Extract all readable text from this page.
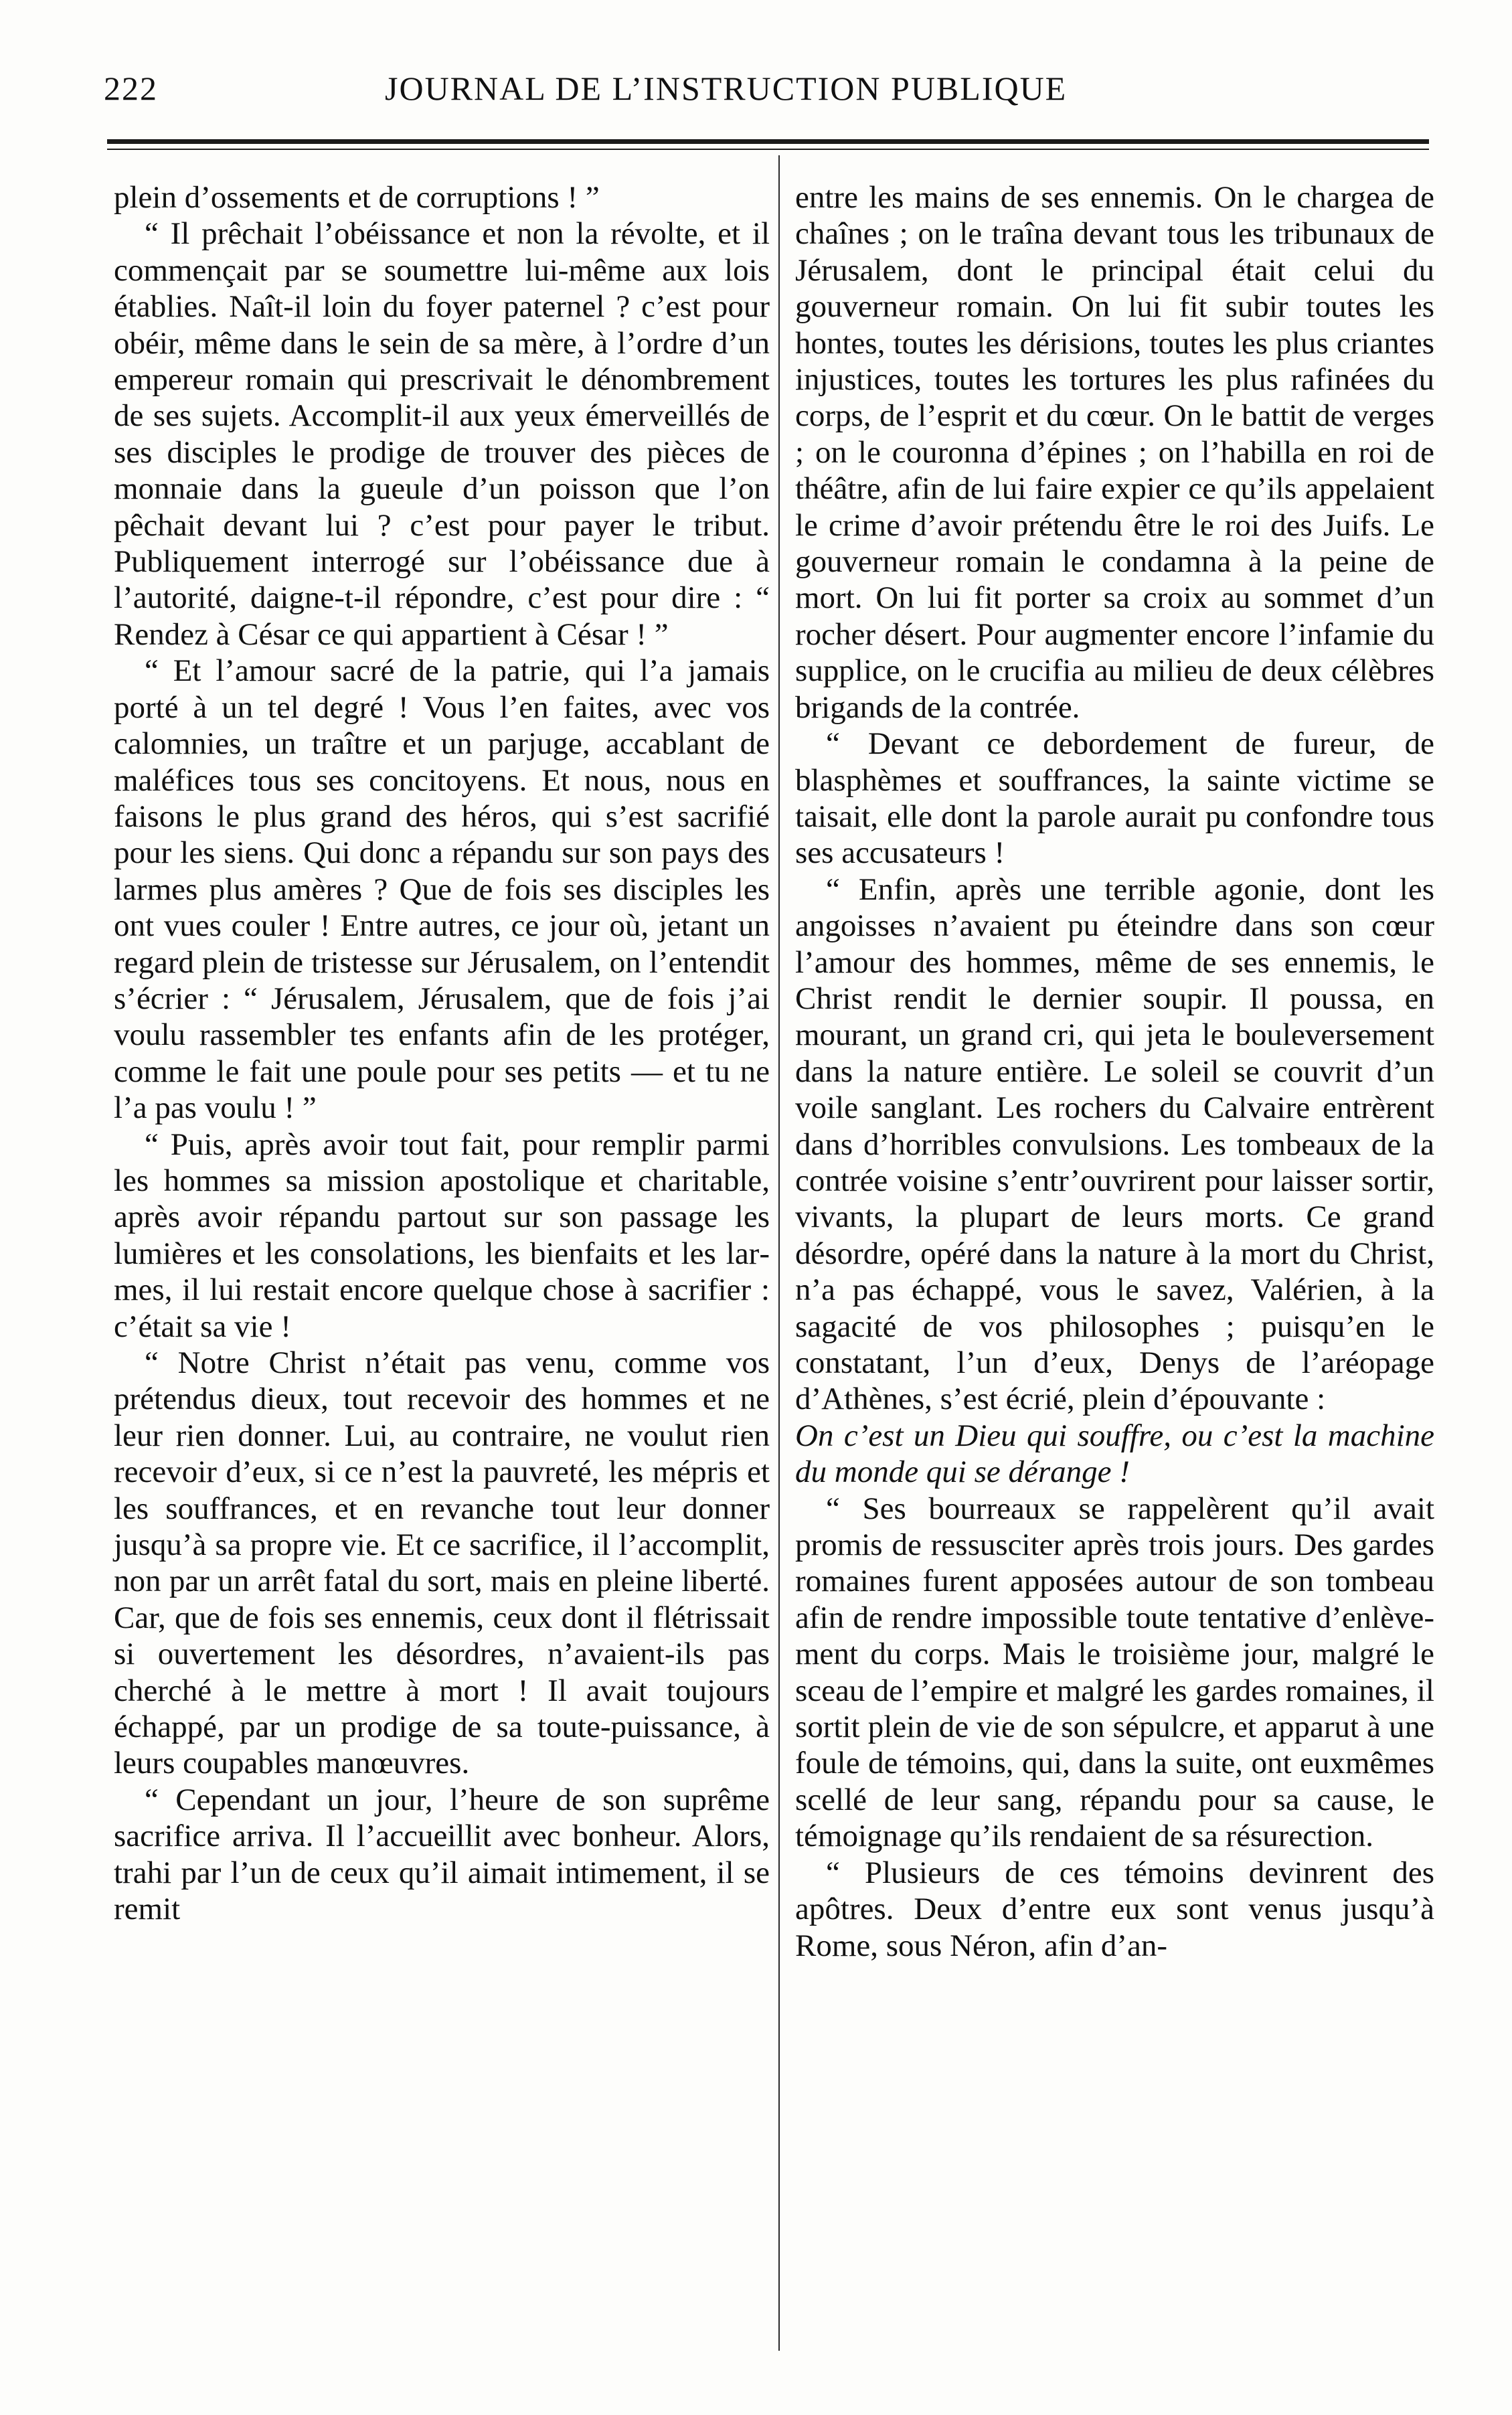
222	JOURNAL DE L’INSTRUCTION PUBLIQUE

plein d’ossements et de corruptions ! ”

“ Il prêchait l’obéissance et non la révolte, et il commençait par se soumettre lui-même aux lois établies. Naît-il loin du foyer paternel ? c’est pour obéir, même dans le sein de sa mère, à l’ordre d’un empereur romain qui prescrivait le dénombrement de ses sujets. Accomplit-il aux yeux émerveillés de ses disciples le prodige de trouver des pièces de monnaie dans la gueule d’un poisson que l’on pêchait devant lui ? c’est pour payer le tribut. Publiquement interrogé sur l’obéissance due à l’autorité, daigne-t-il répondre, c’est pour dire : “ Rendez à César ce qui appartient à César ! ”

“ Et l’amour sacré de la patrie, qui l’a jamais porté à un tel degré ! Vous l’en faites, avec vos calomnies, un traître et un parjuge, accablant de maléfices tous ses concitoyens. Et nous, nous en faisons le plus grand des héros, qui s’est sacrifié pour les siens. Qui donc a répandu sur son pays des larmes plus amères ? Que de fois ses disciples les ont vues couler ! Entre autres, ce jour où, jetant un regard plein de tristesse sur Jérusalem, on l’entendit s’écrier : “ Jérusalem, Jérusalem, que de fois j’ai voulu rassembler tes enfants afin de les protéger, comme le fait une poule pour ses petits — et tu ne l’a pas voulu ! ”

“ Puis, après avoir tout fait, pour remplir parmi les hommes sa mission apostolique et charitable, après avoir répandu partout sur son passage les lumières et les consolations, les bienfaits et les larmes, il lui restait encore quelque chose à sacrifier : c’était sa vie !

“ Notre Christ n’était pas venu, comme vos prétendus dieux, tout recevoir des hommes et ne leur rien donner. Lui, au contraire, ne voulut rien recevoir d’eux, si ce n’est la pauvreté, les mépris et les souffrances, et en revanche tout leur donner jusqu’à sa propre vie. Et ce sacrifice, il l’accomplit, non par un arrêt fatal du sort, mais en pleine liberté. Car, que de fois ses ennemis, ceux dont il flétrissait si ouvertement les désordres, n’avaient-ils pas cherché à le mettre à mort ! Il avait toujours échappé, par un prodige de sa toute-puissance, à leurs coupables manœuvres.

“ Cependant un jour, l’heure de son suprême sacrifice arriva. Il l’accueillit avec bonheur. Alors, trahi par l’un de ceux qu’il aimait intimement, il se remit

entre les mains de ses ennemis. On le chargea de chaînes ; on le traîna devant tous les tribunaux de Jérusalem, dont le principal était celui du gouverneur romain. On lui fit subir toutes les hontes, toutes les dérisions, toutes les plus criantes injustices, toutes les tortures les plus rafinées du corps, de l’esprit et du cœur. On le battit de verges ; on le couronna d’épines ; on l’habilla en roi de théâtre, afin de lui faire expier ce qu’ils appelaient le crime d’avoir prétendu être le roi des Juifs. Le gouverneur romain le condamna à la peine de mort. On lui fit porter sa croix au sommet d’un rocher désert. Pour augmenter encore l’infamie du supplice, on le crucifia au milieu de deux célèbres brigands de la contrée.

“ Devant ce debordement de fureur, de blasphèmes et souffrances, la sainte victime se taisait, elle dont la parole aurait pu confondre tous ses accusateurs !

“ Enfin, après une terrible agonie, dont les angoisses n’avaient pu éteindre dans son cœur l’amour des hommes, même de ses ennemis, le Christ rendit le dernier soupir. Il poussa, en mourant, un grand cri, qui jeta le bouleversement dans la nature entière. Le soleil se couvrit d’un voile sanglant. Les rochers du Calvaire entrèrent dans d’horribles convulsions. Les tombeaux de la contrée voisine s’entr’ouvrirent pour laisser sortir, vivants, la plupart de leurs morts. Ce grand désordre, opéré dans la nature à la mort du Christ, n’a pas échappé, vous le savez, Valérien, à la sagacité de vos philosophes ; puisqu’en le constatant, l’un d’eux, Denys de l’aréopage d’Athènes, s’est écrié, plein d’épouvante :

On c’est un Dieu qui souffre, ou c’est la machine du monde qui se dérange !

“ Ses bourreaux se rappelèrent qu’il avait promis de ressusciter après trois jours. Des gardes romaines furent apposées autour de son tombeau afin de rendre impossible toute tentative d’enlèvement du corps. Mais le troisième jour, malgré le sceau de l’empire et malgré les gardes romaines, il sortit plein de vie de son sépulcre, et apparut à une foule de témoins, qui, dans la suite, ont euxmêmes scellé de leur sang, répandu pour sa cause, le témoignage qu’ils rendaient de sa résurection.

“ Plusieurs de ces témoins devinrent des apôtres. Deux d’entre eux sont venus jusqu’à Rome, sous Néron, afin d’an-
